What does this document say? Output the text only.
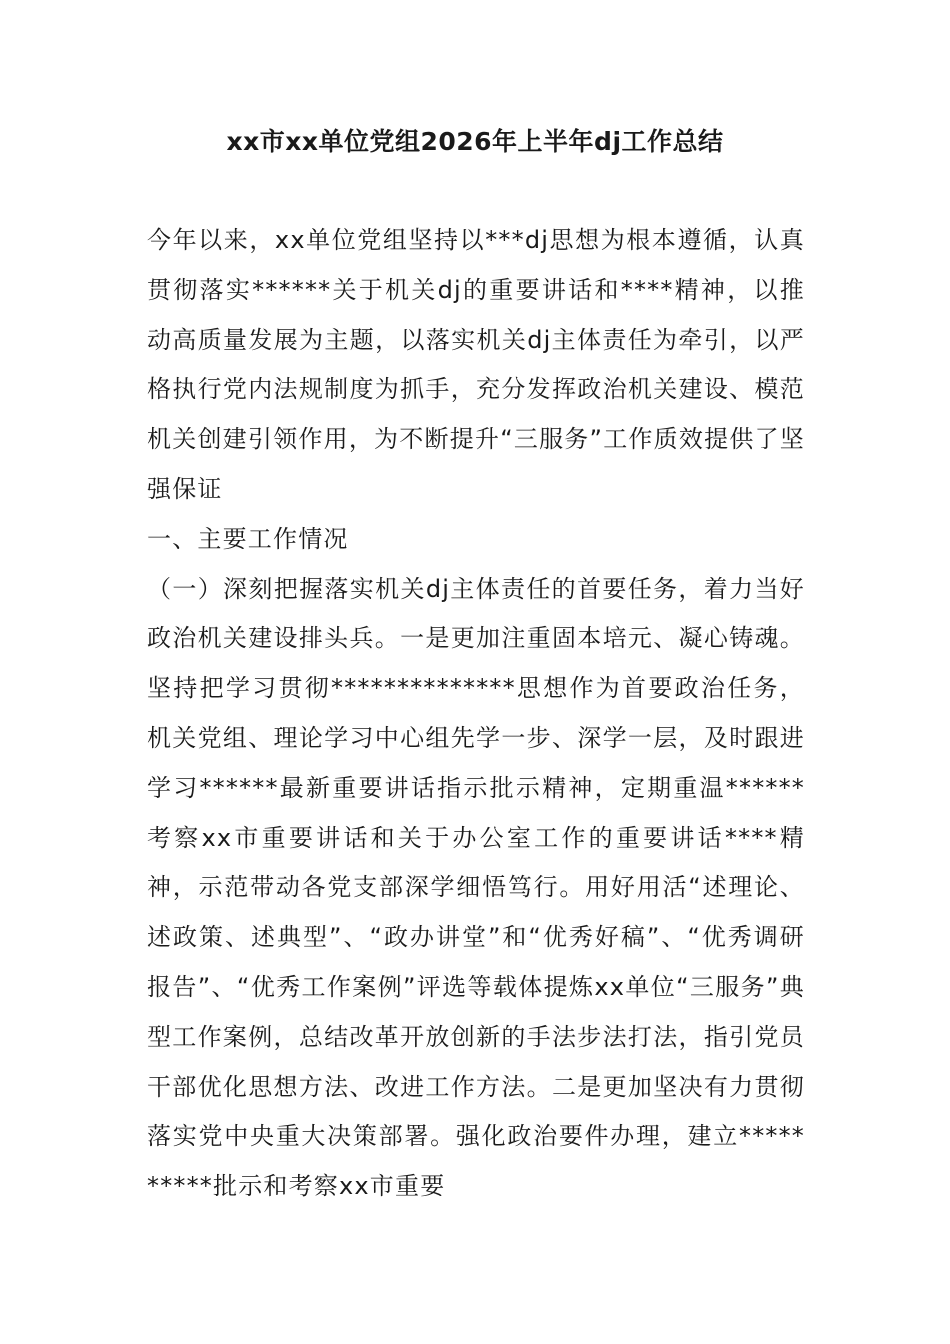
xx市xx单位党组2026年上半年dj工作总结

今年以来，xx单位党组坚持以***dj思想为根本遵循，认真贯彻落实******关于机关dj的重要讲话和****精神，以推动高质量发展为主题，以落实机关dj主体责任为牵引，以严格执行党内法规制度为抓手，充分发挥政治机关建设、模范机关创建引领作用，为不断提升“三服务”工作质效提供了坚强保证

一、主要工作情况

（一）深刻把握落实机关dj主体责任的首要任务，着力当好政治机关建设排头兵。一是更加注重固本培元、凝心铸魂。坚持把学习贯彻**************思想作为首要政治任务，机关党组、理论学习中心组先学一步、深学一层，及时跟进学习******最新重要讲话指示批示精神，定期重温******考察xx市重要讲话和关于办公室工作的重要讲话****精神，示范带动各党支部深学细悟笃行。用好用活“述理论、述政策、述典型”、“政办讲堂”和“优秀好稿”、“优秀调研报告”、“优秀工作案例”评选等载体提炼xx单位“三服务”典型工作案例，总结改革开放创新的手法步法打法，指引党员干部优化思想方法、改进工作方法。二是更加坚决有力贯彻落实党中央重大决策部署。强化政治要件办理，建立**********批示和考察xx市重要
